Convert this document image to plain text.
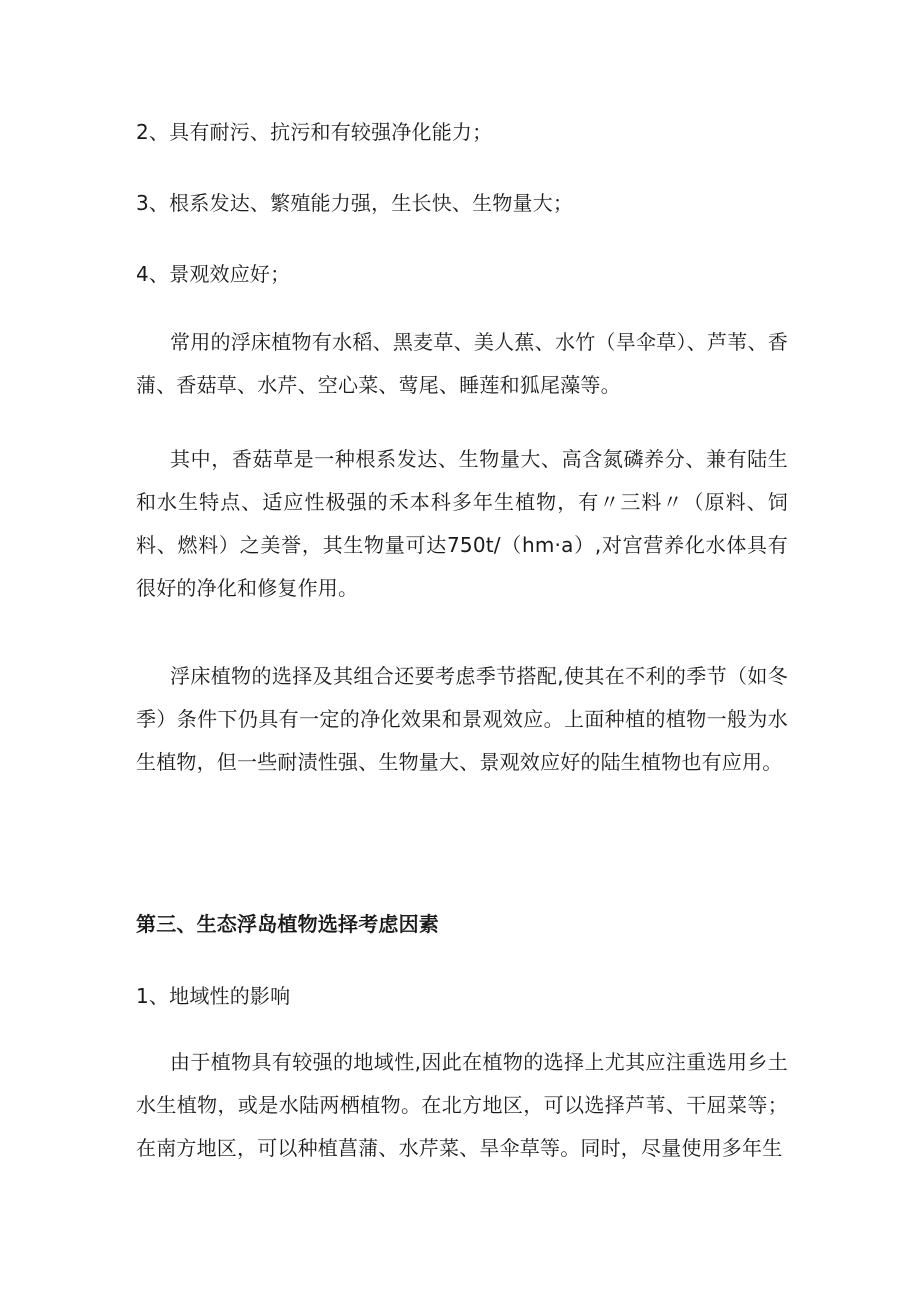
2、具有耐污、抗污和有较强净化能力；

3、根系发达、繁殖能力强，生长快、生物量大；

4、景观效应好；

常用的浮床植物有水稻、黑麦草、美人蕉、水竹（旱伞草）、芦苇、香蒲、香菇草、水芹、空心菜、莺尾、睡莲和狐尾藻等。

其中，香菇草是一种根系发达、生物量大、高含氮磷养分、兼有陆生和水生特点、适应性极强的禾本科多年生植物，有〃三料〃（原料、饲料、燃料）之美誉，其生物量可达750t/（hm·a）,对宫营养化水体具有很好的净化和修复作用。

浮床植物的选择及其组合还要考虑季节搭配,使其在不利的季节（如冬季）条件下仍具有一定的净化效果和景观效应。上面种植的植物一般为水生植物，但一些耐渍性强、生物量大、景观效应好的陆生植物也有应用。

第三、生态浮岛植物选择考虑因素

1、地域性的影响

由于植物具有较强的地域性,因此在植物的选择上尤其应注重选用乡土水生植物，或是水陆两栖植物。在北方地区，可以选择芦苇、干屈菜等；在南方地区，可以种植菖蒲、水芹菜、旱伞草等。同时，尽量使用多年生
